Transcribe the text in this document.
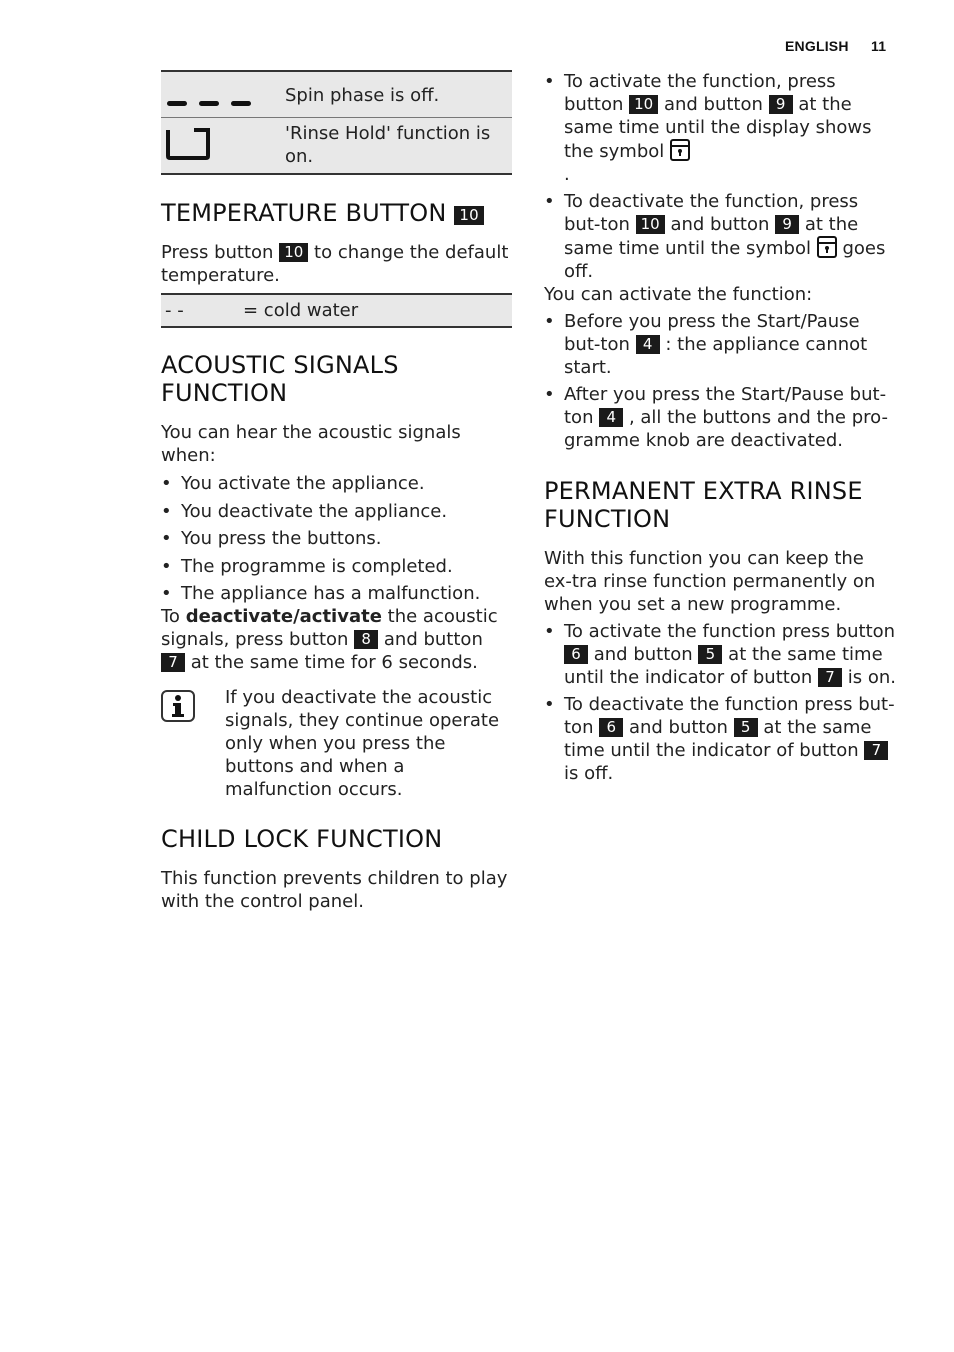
ENGLISH 11

Spin phase is off.

'Rinse Hold' function is on.

TEMPERATURE BUTTON 10

Press button 10 to change the default temperature.

- -	= cold water
ACOUSTIC SIGNALS FUNCTION

You can hear the acoustic signals when:

• You activate the appliance.
• You deactivate the appliance.
• You press the buttons.
• The programme is completed.
• The appliance has a malfunction.

To deactivate/activate the acoustic signals, press button 8 and button 7 at the same time for 6 seconds.

If you deactivate the acoustic signals, they continue operate only when you press the buttons and when a malfunction occurs.

CHILD LOCK FUNCTION

This function prevents children to play with the control panel.

• To activate the function, press button 10 and button 9 at the same time until the display shows the symbol
.
• To deactivate the function, press but-ton 10 and button 9 at the same time until the symbol goes off.

You can activate the function:

• Before you press the Start/Pause but-ton 4 : the appliance cannot start.
• After you press the Start/Pause but-ton 4 , all the buttons and the pro-gramme knob are deactivated.
PERMANENT EXTRA RINSE FUNCTION

With this function you can keep the ex-tra rinse function permanently on when you set a new programme.

• To activate the function press button 6 and button 5 at the same time until the indicator of button 7 is on.
• To deactivate the function press but-ton 6 and button 5 at the same time until the indicator of button 7 is off.
